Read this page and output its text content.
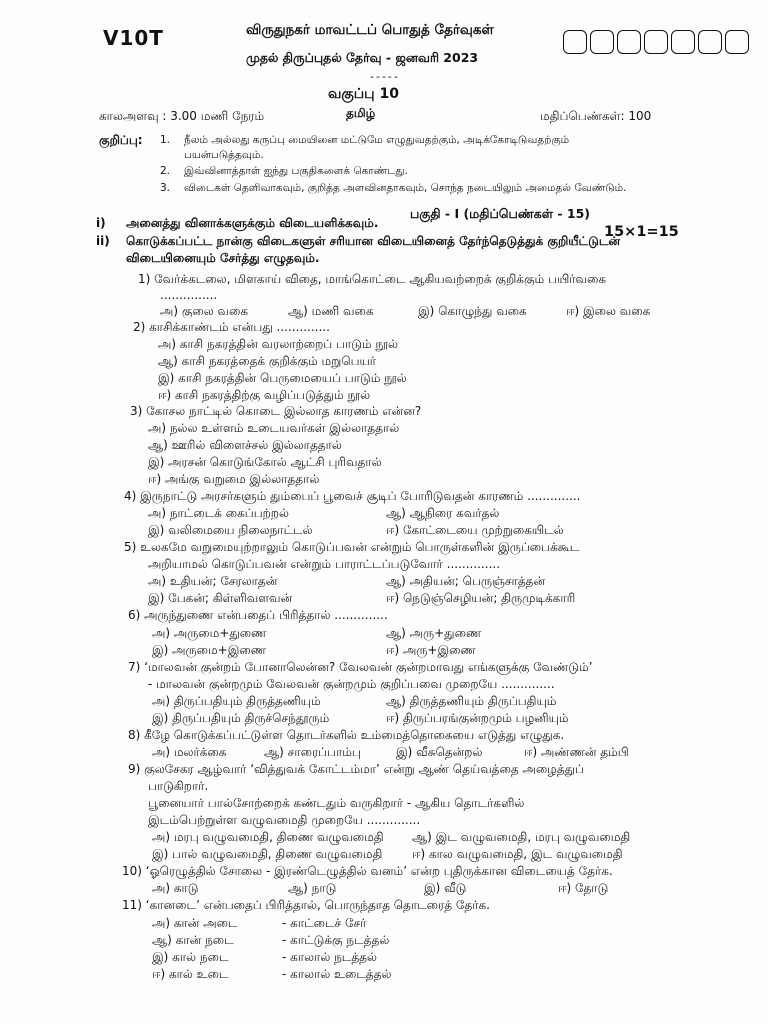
V10T	விருதுநகர் மாவட்டப் பொதுத் தேர்வுகள்
முதல் திருப்புதல் தேர்வு - ஜனவரி 2023
-----
வகுப்பு 10
காலஅளவு : 3.00 மணி நேரம்	தமிழ்	மதிப்பெண்கள்: 100
குறிப்பு: 1. நீலம் அல்லது கருப்பு மையினை மட்டுமே எழுதுவதற்கும், அடிக்கோடிடுவதற்கும்
பயன்படுத்தவும்.
2. இவ்வினாத்தாள் ஐந்து பகுதிகளைக் கொண்டது.
3. விடைகள் தெளிவாகவும், குறித்த அளவினதாகவும், சொந்த நடையிலும் அமைதல் வேண்டும்.
பகுதி - I (மதிப்பெண்கள் - 15)
i) அனைத்து வினாக்களுக்கும் விடையளிக்கவும்.
15×1=15
ii) கொடுக்கப்பட்ட நான்கு விடைகளுள் சரியான விடையினைத் தேர்ந்தெடுத்துக் குறியீட்டுடன்
விடையினையும் சேர்த்து எழுதவும்.
1) வேர்க்கடலை, மிளகாய் விதை, மாங்கொட்டை ஆகியவற்றைக் குறிக்கும் பயிர்வகை
...............
அ) குலை வகை	ஆ) மணி வகை	இ) கொழுந்து வகை	ஈ) இலை வகை
2) காசிக்காண்டம் என்பது ..............
அ) காசி நகரத்தின் வரலாற்றைப் பாடும் நூல்
ஆ) காசி நகரத்தைக் குறிக்கும் மறுபெயர்
இ) காசி நகரத்தின் பெருமையைப் பாடும் நூல்
ஈ) காசி நகரத்திற்கு வழிப்படுத்தும் நூல்
3) கோசல நாட்டில் கொடை இல்லாத காரணம் என்ன?
அ) நல்ல உள்ளம் உடையவர்கள் இல்லாததால்
ஆ) ஊரில் விளைச்சல் இல்லாததால்
இ) அரசன் கொடுங்கோல் ஆட்சி புரிவதால்
ஈ) அங்கு வறுமை இல்லாததால்
4) இருநாட்டு அரசர்களும் தும்பைப் பூவைச் சூடிப் போரிடுவதன் காரணம் ..............
அ) நாட்டைக் கைப்பற்றல்	ஆ) ஆநிரை கவர்தல்
இ) வலிமையை நிலைநாட்டல்	ஈ) கோட்டையை முற்றுகையிடல்
5) உலகமே வறுமையுற்றாலும் கொடுப்பவன் என்றும் பொருள்களின் இருப்பைக்கூட
அறியாமல் கொடுப்பவன் என்றும் பாராட்டப்படுவோர் ..............
அ) உதியன்; சேரலாதன்	ஆ) அதியன்; பெருஞ்சாத்தன்
இ) பேகன்; கிள்ளிவளவன்	ஈ) நெடுஞ்செழியன்; திருமுடிக்காரி
6) அருந்துணை என்பதைப் பிரித்தால் ..............
அ) அருமை+துணை	ஆ) அரு+துணை
இ) அருமை+இணை	ஈ) அரு+இணை
7) ‘மாலவன் குன்றம் போனாலென்ன? வேலவன் குன்றமாவது எங்களுக்கு வேண்டும்’
- மாலவன் குன்றமும் வேலவன் குன்றமும் குறிப்பவை முறையே ..............
அ) திருப்பதியும் திருத்தணியும்	ஆ) திருத்தணியும் திருப்பதியும்
இ) திருப்பதியும் திருச்செந்தூரும்	ஈ) திருப்பரங்குன்றமும் பழனியும்
8) கீழே கொடுக்கப்பட்டுள்ள தொடர்களில் உம்மைத்தொகையை எடுத்து எழுதுக.
அ) மலர்க்கை	ஆ) சாரைப்பாம்பு	இ) வீசுதென்றல்	ஈ) அண்ணன் தம்பி
9) குலசேகர ஆழ்வார் ‘வித்துவக் கோட்டம்மா’ என்று ஆண் தெய்வத்தை அழைத்துப்
பாடுகிறார்.
பூனையார் பால்சோற்றைக் கண்டதும் வருகிறார் - ஆகிய தொடர்களில்
இடம்பெற்றுள்ள வழுவமைதி முறையே ..............
அ) மரபு வழுவமைதி, திணை வழுவமைதி ஆ) இட வழுவமைதி, மரபு வழுவமைதி
இ) பால் வழுவமைதி, திணை வழுவமைதி ஈ) கால வழுவமைதி, இட வழுவமைதி
10) ‘ஓரெழுத்தில் சோலை - இரண்டெழுத்தில் வனம்’ என்ற புதிருக்கான விடையைத் தேர்க.
அ) காடு	ஆ) நாடு	இ) வீடு	ஈ) தோடு
11) ‘கானடை’ என்பதைப் பிரித்தால், பொருந்தாத தொடரைத் தேர்க.
அ) கான் அடை	- காட்டைச் சேர்
ஆ) கான் நடை	- காட்டுக்கு நடத்தல்
இ) கால் நடை	- காலால் நடத்தல்
ஈ) கால் உடை	- காலால் உடைத்தல்
